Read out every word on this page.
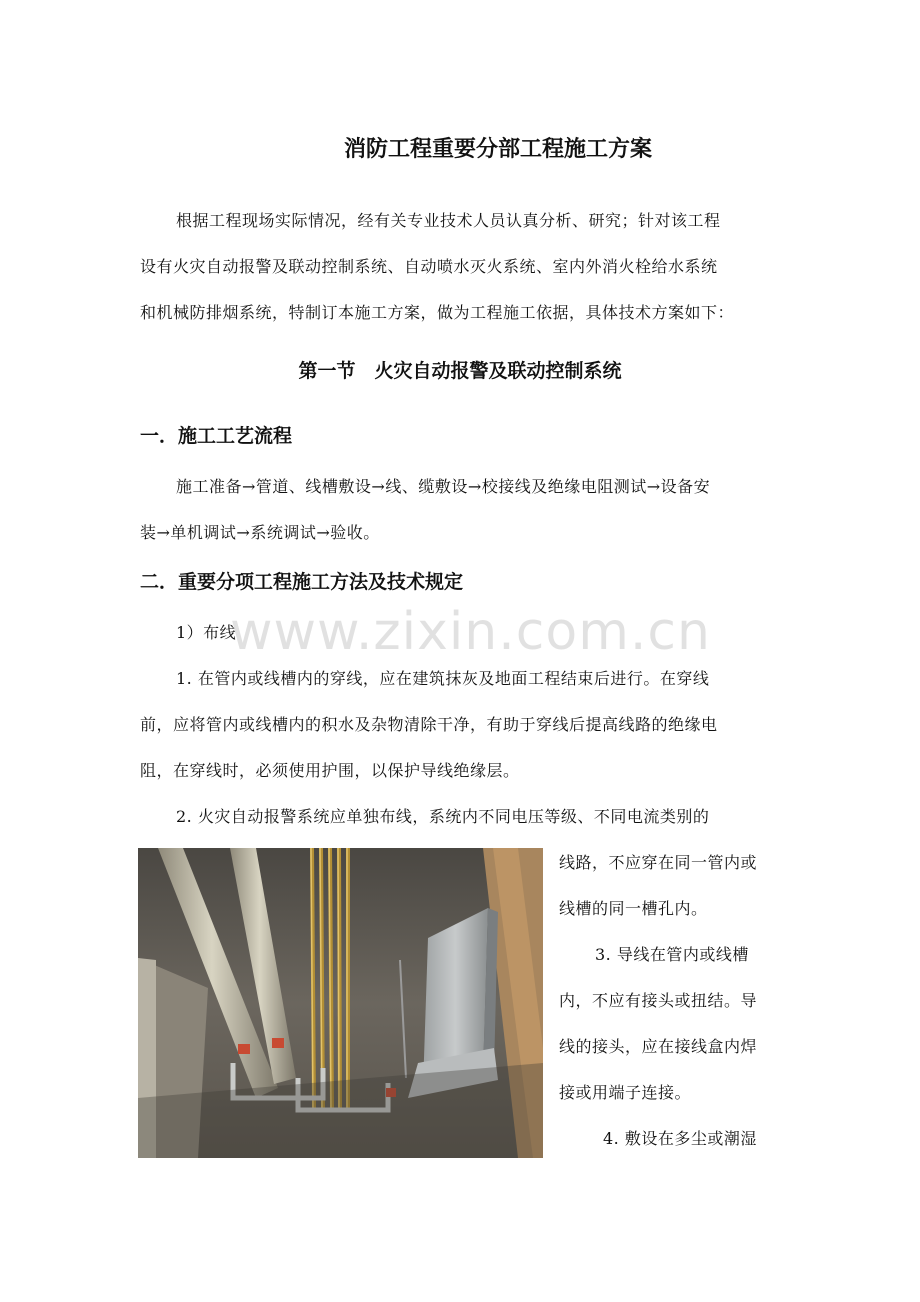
消防工程重要分部工程施工方案
根据工程现场实际情况，经有关专业技术人员认真分析、研究；针对该工程
设有火灾自动报警及联动控制系统、自动喷水灭火系统、室内外消火栓给水系统
和机械防排烟系统，特制订本施工方案，做为工程施工依据，具体技术方案如下：
第一节　火灾自动报警及联动控制系统
一．施工工艺流程
施工准备→管道、线槽敷设→线、缆敷设→校接线及绝缘电阻测试→设备安
装→单机调试→系统调试→验收。
二．重要分项工程施工方法及技术规定
1）布线
www.zixin.com.cn
1. 在管内或线槽内的穿线，应在建筑抹灰及地面工程结束后进行。在穿线
前，应将管内或线槽内的积水及杂物清除干净，有助于穿线后提高线路的绝缘电
阻，在穿线时，必须使用护围，以保护导线绝缘层。
2. 火灾自动报警系统应单独布线，系统内不同电压等级、不同电流类别的
线路，不应穿在同一管内或
线槽的同一槽孔内。
3. 导线在管内或线槽
内，不应有接头或扭结。导
线的接头，应在接线盒内焊
接或用端子连接。
4. 敷设在多尘或潮湿
